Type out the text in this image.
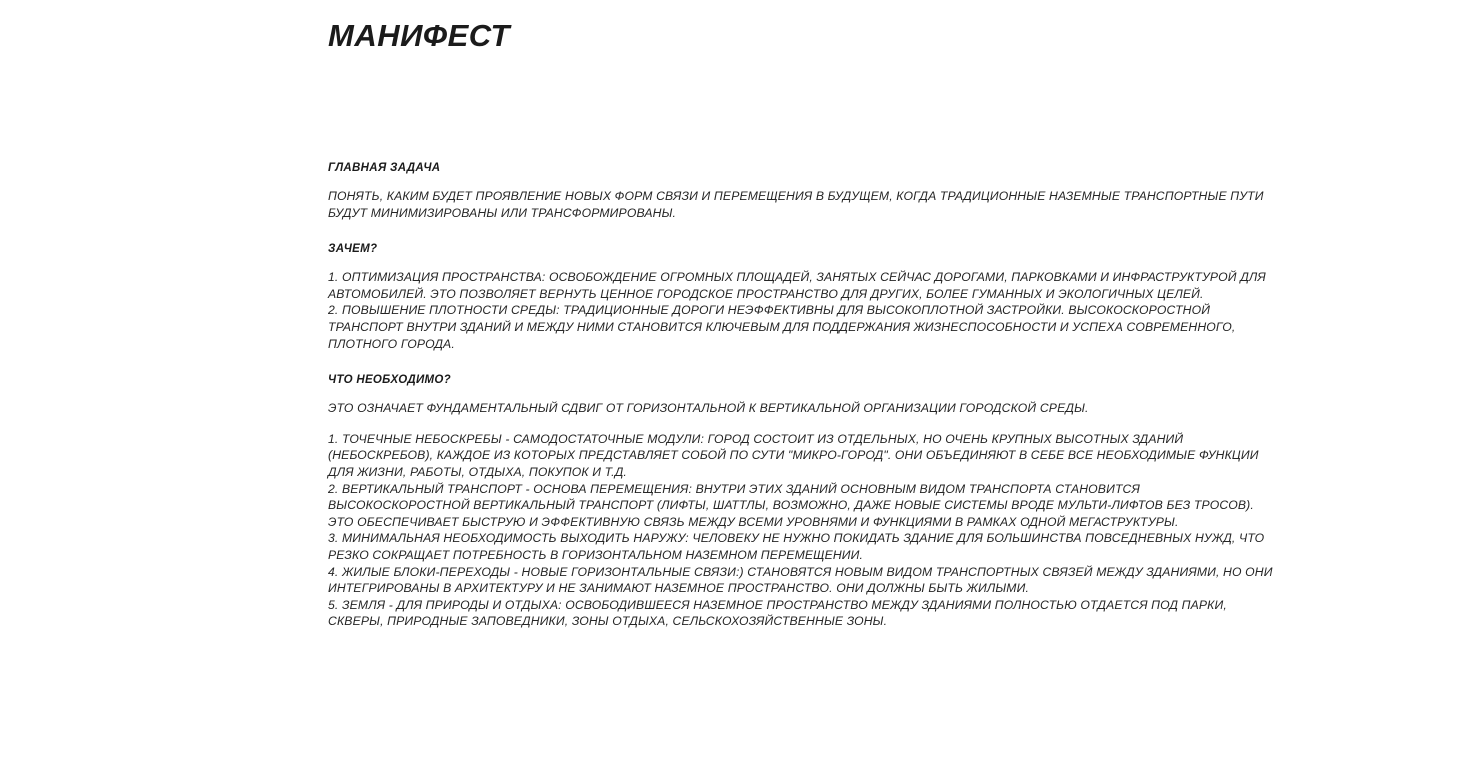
МАНИФЕСТ
ГЛАВНАЯ ЗАДАЧА

ПОНЯТЬ, КАКИМ БУДЕТ ПРОЯВЛЕНИЕ НОВЫХ ФОРМ СВЯЗИ И ПЕРЕМЕЩЕНИЯ В БУДУЩЕМ, КОГДА ТРАДИЦИОННЫЕ НАЗЕМНЫЕ ТРАНСПОРТНЫЕ ПУТИ БУДУТ МИНИМИЗИРОВАНЫ ИЛИ ТРАНСФОРМИРОВАНЫ.

ЗАЧЕМ?

1. ОПТИМИЗАЦИЯ ПРОСТРАНСТВА: ОСВОБОЖДЕНИЕ ОГРОМНЫХ ПЛОЩАДЕЙ, ЗАНЯТЫХ СЕЙЧАС ДОРОГАМИ, ПАРКОВКАМИ И ИНФРАСТРУКТУРОЙ ДЛЯ АВТОМОБИЛЕЙ. ЭТО ПОЗВОЛЯЕТ ВЕРНУТЬ ЦЕННОЕ ГОРОДСКОЕ ПРОСТРАНСТВО ДЛЯ ДРУГИХ, БОЛЕЕ ГУМАННЫХ И ЭКОЛОГИЧНЫХ ЦЕЛЕЙ.

2. ПОВЫШЕНИЕ ПЛОТНОСТИ СРЕДЫ: ТРАДИЦИОННЫЕ ДОРОГИ НЕЭФФЕКТИВНЫ ДЛЯ ВЫСОКОПЛОТНОЙ ЗАСТРОЙКИ. ВЫСОКОСКОРОСТНОЙ ТРАНСПОРТ ВНУТРИ ЗДАНИЙ И МЕЖДУ НИМИ СТАНОВИТСЯ КЛЮЧЕВЫМ ДЛЯ ПОДДЕРЖАНИЯ ЖИЗНЕСПОСОБНОСТИ И УСПЕХА СОВРЕМЕННОГО, ПЛОТНОГО ГОРОДА.

ЧТО НЕОБХОДИМО?

ЭТО ОЗНАЧАЕТ ФУНДАМЕНТАЛЬНЫЙ СДВИГ ОТ ГОРИЗОНТАЛЬНОЙ К ВЕРТИКАЛЬНОЙ ОРГАНИЗАЦИИ ГОРОДСКОЙ СРЕДЫ.

1. ТОЧЕЧНЫЕ НЕБОСКРЕБЫ - САМОДОСТАТОЧНЫЕ МОДУЛИ: ГОРОД СОСТОИТ ИЗ ОТДЕЛЬНЫХ, НО ОЧЕНЬ КРУПНЫХ ВЫСОТНЫХ ЗДАНИЙ (НЕБОСКРЕБОВ), КАЖДОЕ ИЗ КОТОРЫХ ПРЕДСТАВЛЯЕТ СОБОЙ ПО СУТИ "МИКРО-ГОРОД". ОНИ ОБЪЕДИНЯЮТ В СЕБЕ ВСЕ НЕОБХОДИМЫЕ ФУНКЦИИ ДЛЯ ЖИЗНИ, РАБОТЫ, ОТДЫХА, ПОКУПОК И Т.Д.

2. ВЕРТИКАЛЬНЫЙ ТРАНСПОРТ - ОСНОВА ПЕРЕМЕЩЕНИЯ: ВНУТРИ ЭТИХ ЗДАНИЙ ОСНОВНЫМ ВИДОМ ТРАНСПОРТА СТАНОВИТСЯ ВЫСОКОСКОРОСТНОЙ ВЕРТИКАЛЬНЫЙ ТРАНСПОРТ (ЛИФТЫ, ШАТТЛЫ, ВОЗМОЖНО, ДАЖЕ НОВЫЕ СИСТЕМЫ ВРОДЕ МУЛЬТИ-ЛИФТОВ БЕЗ ТРОСОВ). ЭТО ОБЕСПЕЧИВАЕТ БЫСТРУЮ И ЭФФЕКТИВНУЮ СВЯЗЬ МЕЖДУ ВСЕМИ УРОВНЯМИ И ФУНКЦИЯМИ В РАМКАХ ОДНОЙ МЕГАСТРУКТУРЫ.

3. МИНИМАЛЬНАЯ НЕОБХОДИМОСТЬ ВЫХОДИТЬ НАРУЖУ: ЧЕЛОВЕКУ НЕ НУЖНО ПОКИДАТЬ ЗДАНИЕ ДЛЯ БОЛЬШИНСТВА ПОВСЕДНЕВНЫХ НУЖД, ЧТО РЕЗКО СОКРАЩАЕТ ПОТРЕБНОСТЬ В ГОРИЗОНТАЛЬНОМ НАЗЕМНОМ ПЕРЕМЕЩЕНИИ.

4. ЖИЛЫЕ БЛОКИ-ПЕРЕХОДЫ - НОВЫЕ ГОРИЗОНТАЛЬНЫЕ СВЯЗИ:) СТАНОВЯТСЯ НОВЫМ ВИДОМ ТРАНСПОРТНЫХ СВЯЗЕЙ МЕЖДУ ЗДАНИЯМИ, НО ОНИ ИНТЕГРИРОВАНЫ В АРХИТЕКТУРУ И НЕ ЗАНИМАЮТ НАЗЕМНОЕ ПРОСТРАНСТВО. ОНИ ДОЛЖНЫ БЫТЬ ЖИЛЫМИ.

5. ЗЕМЛЯ - ДЛЯ ПРИРОДЫ И ОТДЫХА: ОСВОБОДИВШЕЕСЯ НАЗЕМНОЕ ПРОСТРАНСТВО МЕЖДУ ЗДАНИЯМИ ПОЛНОСТЬЮ ОТДАЕТСЯ ПОД ПАРКИ, СКВЕРЫ, ПРИРОДНЫЕ ЗАПОВЕДНИКИ, ЗОНЫ ОТДЫХА, СЕЛЬСКОХОЗЯЙСТВЕННЫЕ ЗОНЫ.
